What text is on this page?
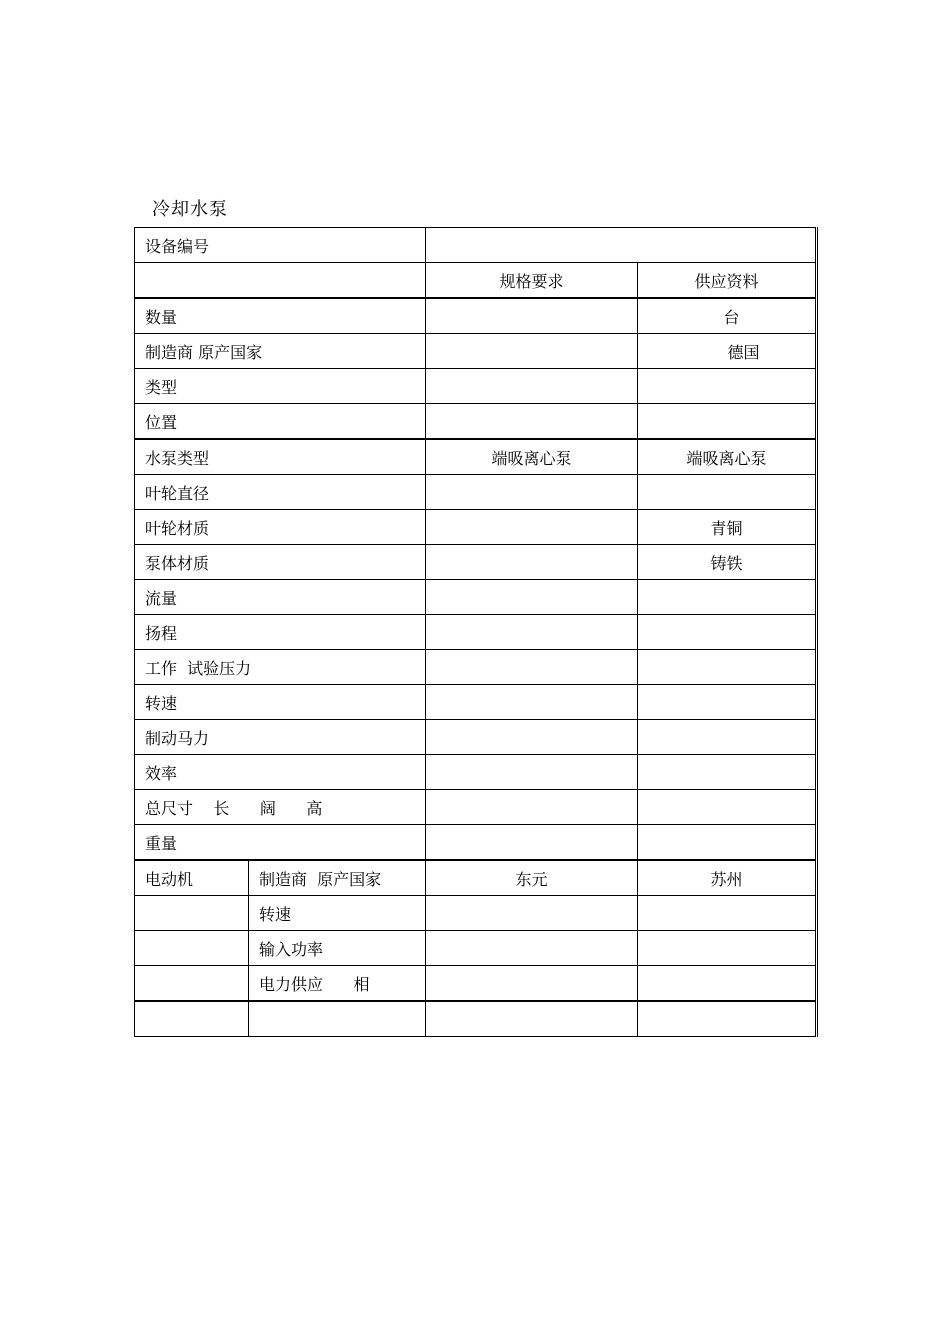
冷却水泵
设备编号			
		规格要求	供应资料
数量			台
制造商 原产国家			德国
类型			
位置			
水泵类型		端吸离心泵	端吸离心泵
叶轮直径			
叶轮材质			青铜
泵体材质			铸铁
流量			
扬程			
工作  试验压力			
转速			
制动马力			
效率			
总尺寸    长      阔      高			
重量			
电动机	制造商  原产国家	东元	苏州
	转速		
	输入功率		
	电力供应      相		
